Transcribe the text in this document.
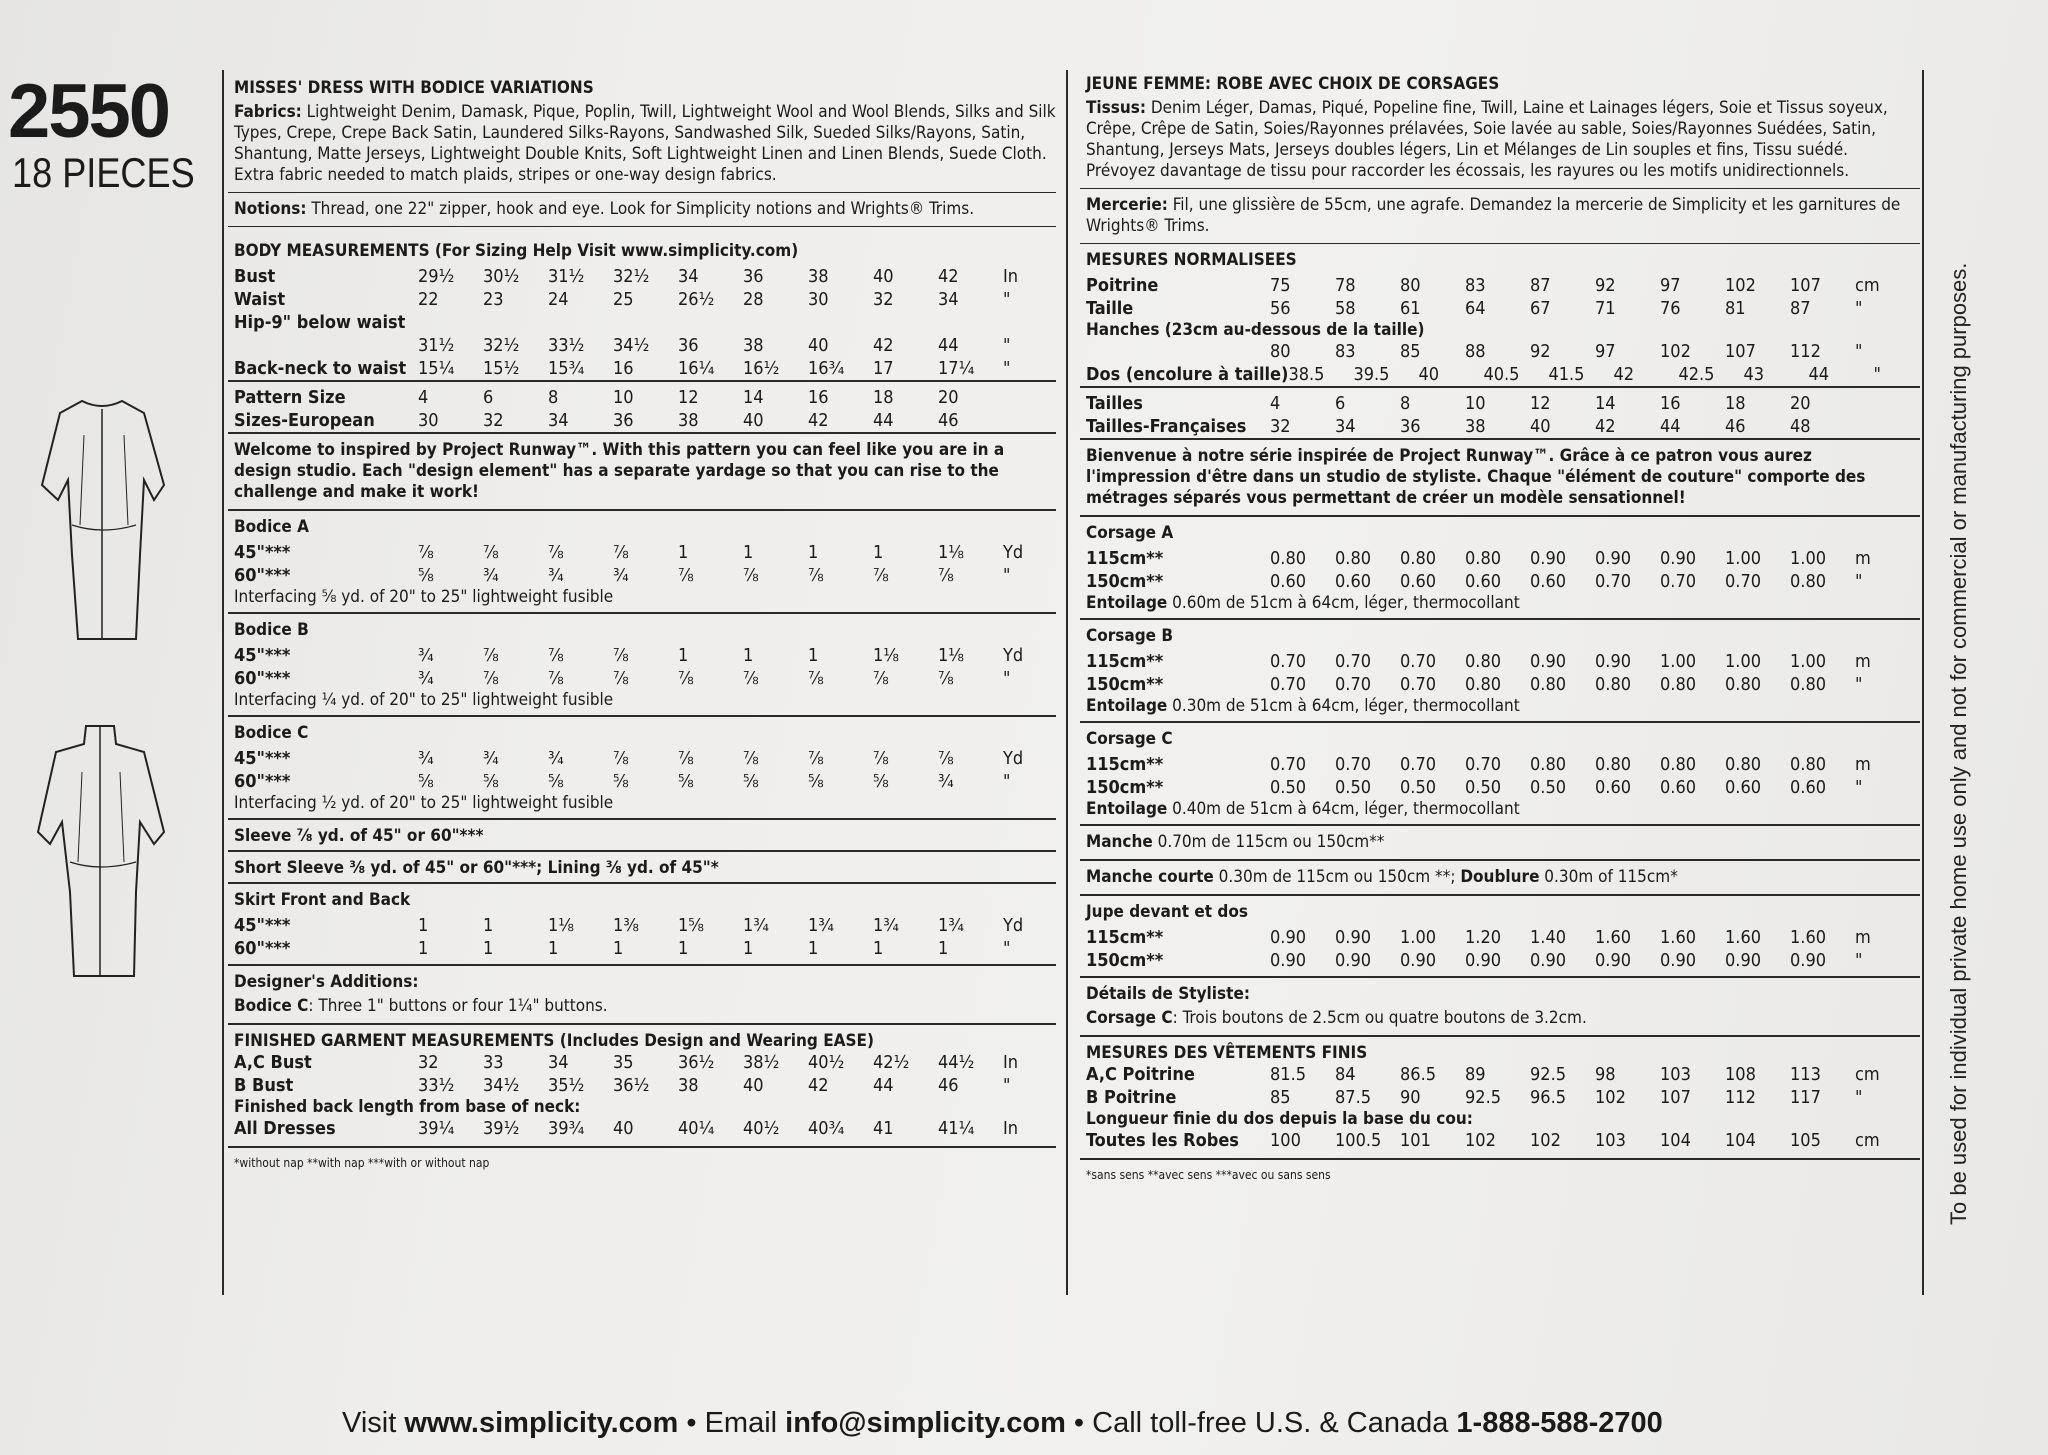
2550
18 PIECES
MISSES' DRESS WITH BODICE VARIATIONS
Fabrics: Lightweight Denim, Damask, Pique, Poplin, Twill, Lightweight Wool and Wool Blends, Silks and Silk Types, Crepe, Crepe Back Satin, Laundered Silks-Rayons, Sandwashed Silk, Sueded Silks/Rayons, Satin, Shantung, Matte Jerseys, Lightweight Double Knits, Soft Lightweight Linen and Linen Blends, Suede Cloth. Extra fabric needed to match plaids, stripes or one-way design fabrics.
Notions: Thread, one 22" zipper, hook and eye. Look for Simplicity notions and Wrights® Trims.
BODY MEASUREMENTS (For Sizing Help Visit www.simplicity.com)
Bust	29½	30½	31½	32½	34	36	38	40	42	In
Waist	22	23	24	25	26½	28	30	32	34	"
Hip-9" below waist										
	31½	32½	33½	34½	36	38	40	42	44	"
Back-neck to waist	15¼	15½	15¾	16	16¼	16½	16¾	17	17¼	"
Pattern Size	4	6	8	10	12	14	16	18	20	
Sizes-European	30	32	34	36	38	40	42	44	46	
Welcome to inspired by Project Runway™. With this pattern you can feel like you are in a design studio. Each "design element" has a separate yardage so that you can rise to the challenge and make it work!
Bodice A
45"***	⅞	⅞	⅞	⅞	1	1	1	1	1⅛	Yd
60"***	⅝	¾	¾	¾	⅞	⅞	⅞	⅞	⅞	"
Interfacing ⅝ yd. of 20" to 25" lightweight fusible
Bodice B
45"***	¾	⅞	⅞	⅞	1	1	1	1⅛	1⅛	Yd
60"***	¾	⅞	⅞	⅞	⅞	⅞	⅞	⅞	⅞	"
Interfacing ¼ yd. of 20" to 25" lightweight fusible
Bodice C
45"***	¾	¾	¾	⅞	⅞	⅞	⅞	⅞	⅞	Yd
60"***	⅝	⅝	⅝	⅝	⅝	⅝	⅝	⅝	¾	"
Interfacing ½ yd. of 20" to 25" lightweight fusible
Sleeve ⅞ yd. of 45" or 60"***
Short Sleeve ⅜ yd. of 45" or 60"***; Lining ⅜ yd. of 45"*
Skirt Front and Back
45"***	1	1	1⅛	1⅜	1⅝	1¾	1¾	1¾	1¾	Yd
60"***	1	1	1	1	1	1	1	1	1	"
Designer's Additions:
Bodice C: Three 1" buttons or four 1¼" buttons.
FINISHED GARMENT MEASUREMENTS (Includes Design and Wearing EASE)
A,C Bust	32	33	34	35	36½	38½	40½	42½	44½	In
B Bust	33½	34½	35½	36½	38	40	42	44	46	"
Finished back length from base of neck:
All Dresses	39¼	39½	39¾	40	40¼	40½	40¾	41	41¼	In
*without nap **with nap ***with or without nap
JEUNE FEMME: ROBE AVEC CHOIX DE CORSAGES
Tissus: Denim Léger, Damas, Piqué, Popeline fine, Twill, Laine et Lainages légers, Soie et Tissus soyeux, Crêpe, Crêpe de Satin, Soies/Rayonnes prélavées, Soie lavée au sable, Soies/Rayonnes Suédées, Satin, Shantung, Jerseys Mats, Jerseys doubles légers, Lin et Mélanges de Lin souples et fins, Tissu suédé. Prévoyez davantage de tissu pour raccorder les écossais, les rayures ou les motifs unidirectionnels.
Mercerie: Fil, une glissière de 55cm, une agrafe. Demandez la mercerie de Simplicity et les garnitures de Wrights® Trims.
MESURES NORMALISEES
Poitrine	75	78	80	83	87	92	97	102	107	cm
Taille	56	58	61	64	67	71	76	81	87	"
Hanches (23cm au-dessous de la taille)
	80	83	85	88	92	97	102	107	112	"
Dos (encolure à taille)	38.5	39.5	40	40.5	41.5	42	42.5	43	44	"
Tailles	4	6	8	10	12	14	16	18	20	
Tailles-Françaises	32	34	36	38	40	42	44	46	48	
Bienvenue à notre série inspirée de Project Runway™. Grâce à ce patron vous aurez l'impression d'être dans un studio de styliste. Chaque "élément de couture" comporte des métrages séparés vous permettant de créer un modèle sensationnel!
Corsage A
115cm**	0.80	0.80	0.80	0.80	0.90	0.90	0.90	1.00	1.00	m
150cm**	0.60	0.60	0.60	0.60	0.60	0.70	0.70	0.70	0.80	"
Entoilage 0.60m de 51cm à 64cm, léger, thermocollant
Corsage B
115cm**	0.70	0.70	0.70	0.80	0.90	0.90	1.00	1.00	1.00	m
150cm**	0.70	0.70	0.70	0.80	0.80	0.80	0.80	0.80	0.80	"
Entoilage 0.30m de 51cm à 64cm, léger, thermocollant
Corsage C
115cm**	0.70	0.70	0.70	0.70	0.80	0.80	0.80	0.80	0.80	m
150cm**	0.50	0.50	0.50	0.50	0.50	0.60	0.60	0.60	0.60	"
Entoilage 0.40m de 51cm à 64cm, léger, thermocollant
Manche 0.70m de 115cm ou 150cm**
Manche courte 0.30m de 115cm ou 150cm **; Doublure 0.30m of 115cm*
Jupe devant et dos
115cm**	0.90	0.90	1.00	1.20	1.40	1.60	1.60	1.60	1.60	m
150cm**	0.90	0.90	0.90	0.90	0.90	0.90	0.90	0.90	0.90	"
Détails de Styliste:
Corsage C: Trois boutons de 2.5cm ou quatre boutons de 3.2cm.
MESURES DES VÊTEMENTS FINIS
A,C Poitrine	81.5	84	86.5	89	92.5	98	103	108	113	cm
B Poitrine	85	87.5	90	92.5	96.5	102	107	112	117	"
Longueur finie du dos depuis la base du cou:
Toutes les Robes	100	100.5	101	102	102	103	104	104	105	cm
*sans sens **avec sens ***avec ou sans sens	To be used for individual private home use only and not for commercial or manufacturing purposes.
Visit www.simplicity.com • Email info@simplicity.com • Call toll-free U.S. & Canada 1-888-588-2700
